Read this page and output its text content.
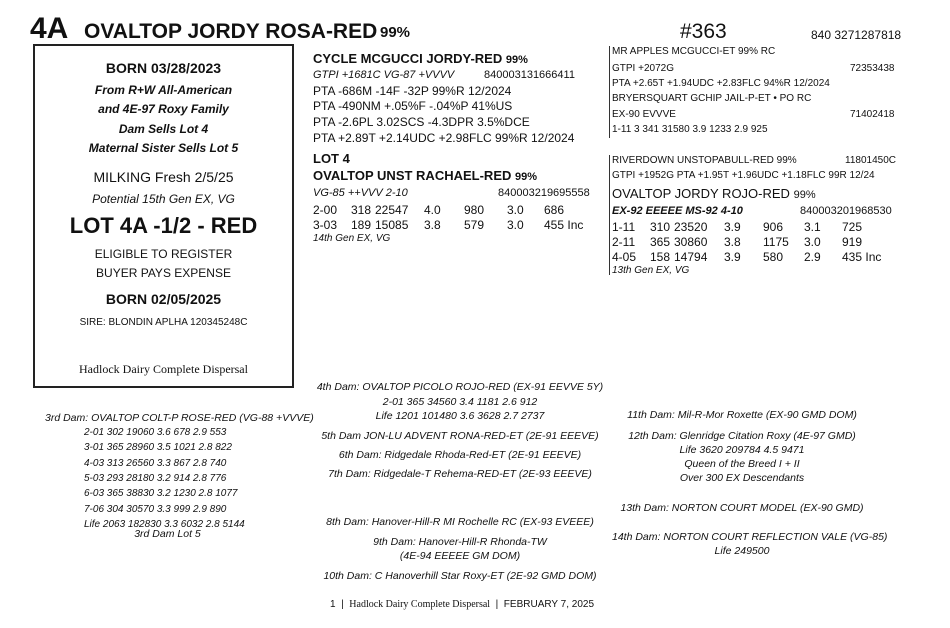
4A OVALTOP JORDY ROSA-RED 99%	#363	840 3271287818
BORN 03/28/2023
From R+W All-American
and 4E-97 Roxy Family
Dam Sells Lot 4
Maternal Sister Sells Lot 5
MILKING Fresh 2/5/25
Potential 15th Gen EX, VG
LOT 4A -1/2 - RED
ELIGIBLE TO REGISTER
BUYER PAYS EXPENSE
BORN 02/05/2025
SIRE: BLONDIN APLHA 120345248C
Hadlock Dairy Complete Dispersal
CYCLE MCGUCCI JORDY-RED 99%
GTPI +1681C VG-87 +VVVV	840003131666411
PTA -686M -14F -32P 99%R 12/2024
PTA -490NM +.05%F -.04%P 41%US
PTA -2.6PL 3.02SCS -4.3DPR 3.5%DCE
PTA +2.89T +2.14UDC +2.98FLC 99%R 12/2024
MR APPLES MCGUCCI-ET 99% RC
GTPI +2072G	72353438
PTA +2.65T +1.94UDC +2.83FLC 94%R 12/2024
BRYERSQUART GCHIP JAIL-P-ET • PO RC
EX-90 EVVVE	71402418
1-11 3 341 31580 3.9 1233 2.9 925
LOT 4
OVALTOP UNST RACHAEL-RED 99%
VG-85 ++VVV 2-10	840003219695558
2-00 318 22547 4.0 980 3.0 686
3-03 189 15085 3.8 579 3.0 455 Inc
14th Gen EX, VG
RIVERDOWN UNSTOPABULL-RED 99%	11801450C
GTPI +1952G PTA +1.95T +1.96UDC +1.18FLC 99R 12/24
OVALTOP JORDY ROJO-RED 99%
EX-92 EEEEE MS-92 4-10	840003201968530
1-11 310 23520 3.9 906 3.1 725
2-11 365 30860 3.8 1175 3.0 919
4-05 158 14794 3.9 580 2.9 435 Inc
13th Gen EX, VG
3rd Dam: OVALTOP COLT-P ROSE-RED (VG-88 +VVVE)
2-01 302 19060 3.6 678 2.9 553
3-01 365 28960 3.5 1021 2.8 822
4-03 313 26560 3.3 867 2.8 740
5-03 293 28180 3.2 914 2.8 776
6-03 365 38830 3.2 1230 2.8 1077
7-06 304 30570 3.3 999 2.9 890
Life 2063 182830 3.3 6032 2.8 5144
3rd Dam Lot 5
4th Dam: OVALTOP PICOLO ROJO-RED (EX-91 EEVVE 5Y)
2-01 365 34560 3.4 1181 2.6 912
Life 1201 101480 3.6 3628 2.7 2737
5th Dam JON-LU ADVENT RONA-RED-ET (2E-91 EEEVE)
6th Dam: Ridgedale Rhoda-Red-ET (2E-91 EEEVE)
7th Dam: Ridgedale-T Rehema-RED-ET (2E-93 EEEVE)
8th Dam: Hanover-Hill-R MI Rochelle RC (EX-93 EVEEE)
9th Dam: Hanover-Hill-R Rhonda-TW
(4E-94 EEEEE GM DOM)
10th Dam: C Hanoverhill Star Roxy-ET (2E-92 GMD DOM)
11th Dam: Mil-R-Mor Roxette (EX-90 GMD DOM)
12th Dam: Glenridge Citation Roxy (4E-97 GMD)
Life 3620 209784 4.5 9471
Queen of the Breed I + II
Over 300 EX Descendants
13th Dam: NORTON COURT MODEL (EX-90 GMD)
14th Dam: NORTON COURT REFLECTION VALE (VG-85)
Life 249500
1  |  Hadlock Dairy Complete Dispersal  |  FEBRUARY 7, 2025
